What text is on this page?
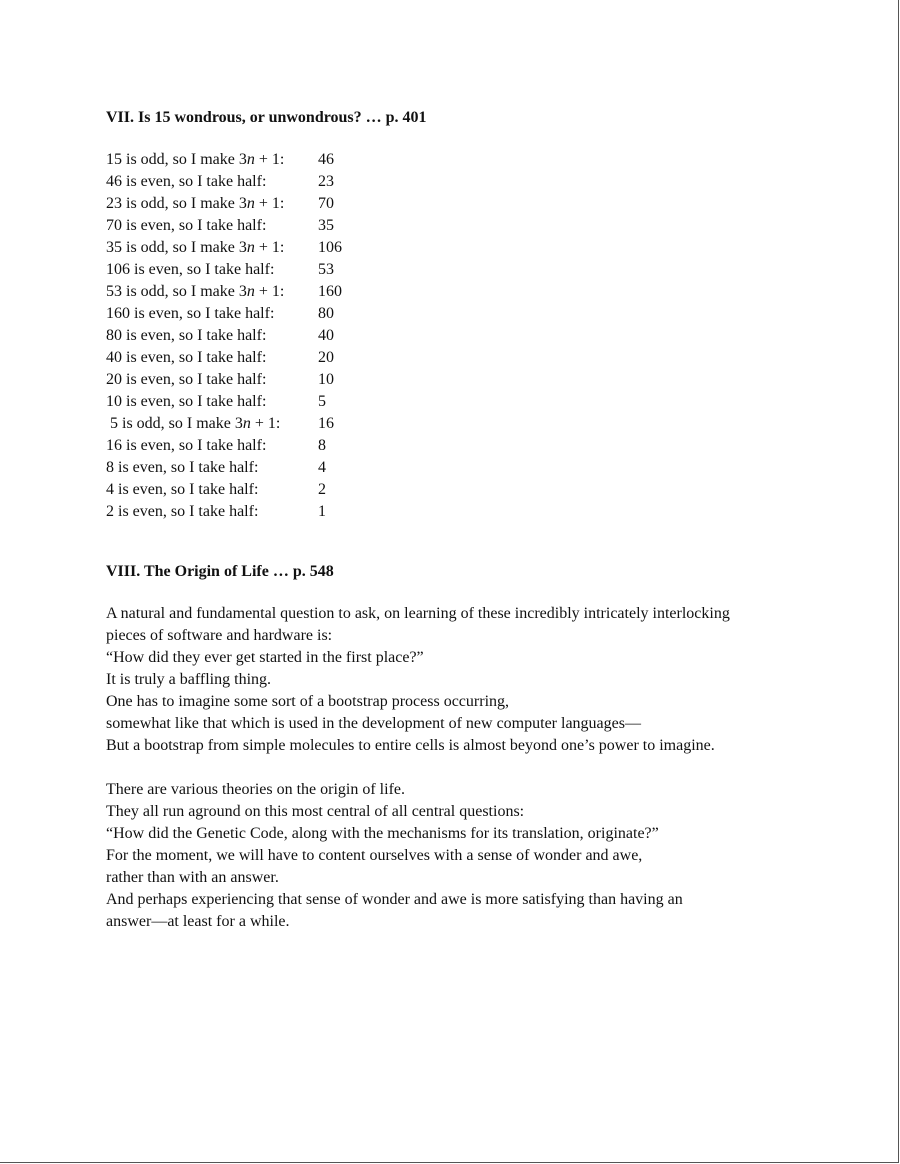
VII. Is 15 wondrous, or unwondrous? … p. 401
15 is odd, so I make 3n + 1:	46
46 is even, so I take half:	23
23 is odd, so I make 3n + 1:	70
70 is even, so I take half:	35
35 is odd, so I make 3n + 1:	106
106 is even, so I take half:	53
53 is odd, so I make 3n + 1:	160
160 is even, so I take half:	80
80 is even, so I take half:	40
40 is even, so I take half:	20
20 is even, so I take half:	10
10 is even, so I take half:	5
5 is odd, so I make 3n + 1:	16
16 is even, so I take half:	8
8 is even, so I take half:	4
4 is even, so I take half:	2
2 is even, so I take half:	1
VIII. The Origin of Life … p. 548
A natural and fundamental question to ask, on learning of these incredibly intricately interlocking
pieces of software and hardware is:
“How did they ever get started in the first place?”
It is truly a baffling thing.
One has to imagine some sort of a bootstrap process occurring,
somewhat like that which is used in the development of new computer languages—
But a bootstrap from simple molecules to entire cells is almost beyond one’s power to imagine.
There are various theories on the origin of life.
They all run aground on this most central of all central questions:
“How did the Genetic Code, along with the mechanisms for its translation, originate?”
For the moment, we will have to content ourselves with a sense of wonder and awe,
rather than with an answer.
And perhaps experiencing that sense of wonder and awe is more satisfying than having an
answer—at least for a while.
